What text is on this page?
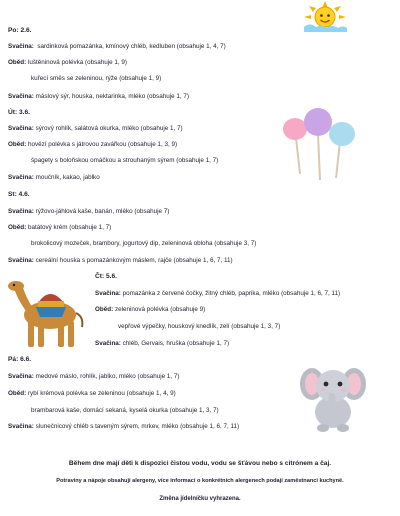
Po: 2.6.
Svačina: sardinková pomazánka, kmínový chléb, kedluben (obsahuje 1, 4, 7)
Oběd: luštěninová polévka (obsahuje 1, 9)
kuřecí směs se zeleninou, rýže (obsahuje 1, 9)
Svačina: máslový sýr, houska, nektarinka, mléko (obsahuje 1, 7)
Út: 3.6.
Svačina: sýrový rohlík, salátová okurka, mléko (obsahuje 1, 7)
Oběd: hovězí polévka s játrovou zavářkou (obsahuje 1, 3, 9)
špagety s boloňskou omáčkou a strouhaným sýrem (obsahuje 1, 7)
Svačina: moučník, kakao, jablko
St: 4.6.
Svačina: rýžovo-jáhlová kaše, banán, mléko (obsahuje 7)
Oběd: batátový krém (obsahuje 1, 7)
brokolicový mozeček, brambory, jogurtový dip, zeleninová obloha (obsahuje 3, 7)
Svačina: cereální houska s pomazánkovým máslem, rajče (obsahuje 1, 6, 7, 11)
Čt: 5.6.
Svačina: pomazánka z červené čočky, žitný chléb, paprika, mléko (obsahuje 1, 6, 7, 11)
Oběd: zeleninová polévka (obsahuje 9)
vepřové výpečky, houskový knedlík, zelí (obsahuje 1, 3, 7)
Svačina: chléb, Gervais, hruška (obsahuje 1, 7)
Pá: 6.6.
Svačina: medové máslo, rohlík, jablko, mléko (obsahuje 1, 7)
Oběd: rybí krémová polévka se zeleninou (obsahuje 1, 4, 9)
brambarová kaše, domácí sekaná, kyselá okurka (obsahuje 1, 3, 7)
Svačina: slunečnicový chléb s taveným sýrem, mrkev, mléko (obsahuje 1, 6, 7, 11)
Během dne mají děti k dispozici čistou vodu, vodu se šťávou nebo s citrónem a čaj.
Potraviny a nápoje obsahují alergeny, více informací o konkrétních alergenech podají zaměstnanci kuchyně.
Změna jídelníčku vyhrazena.
